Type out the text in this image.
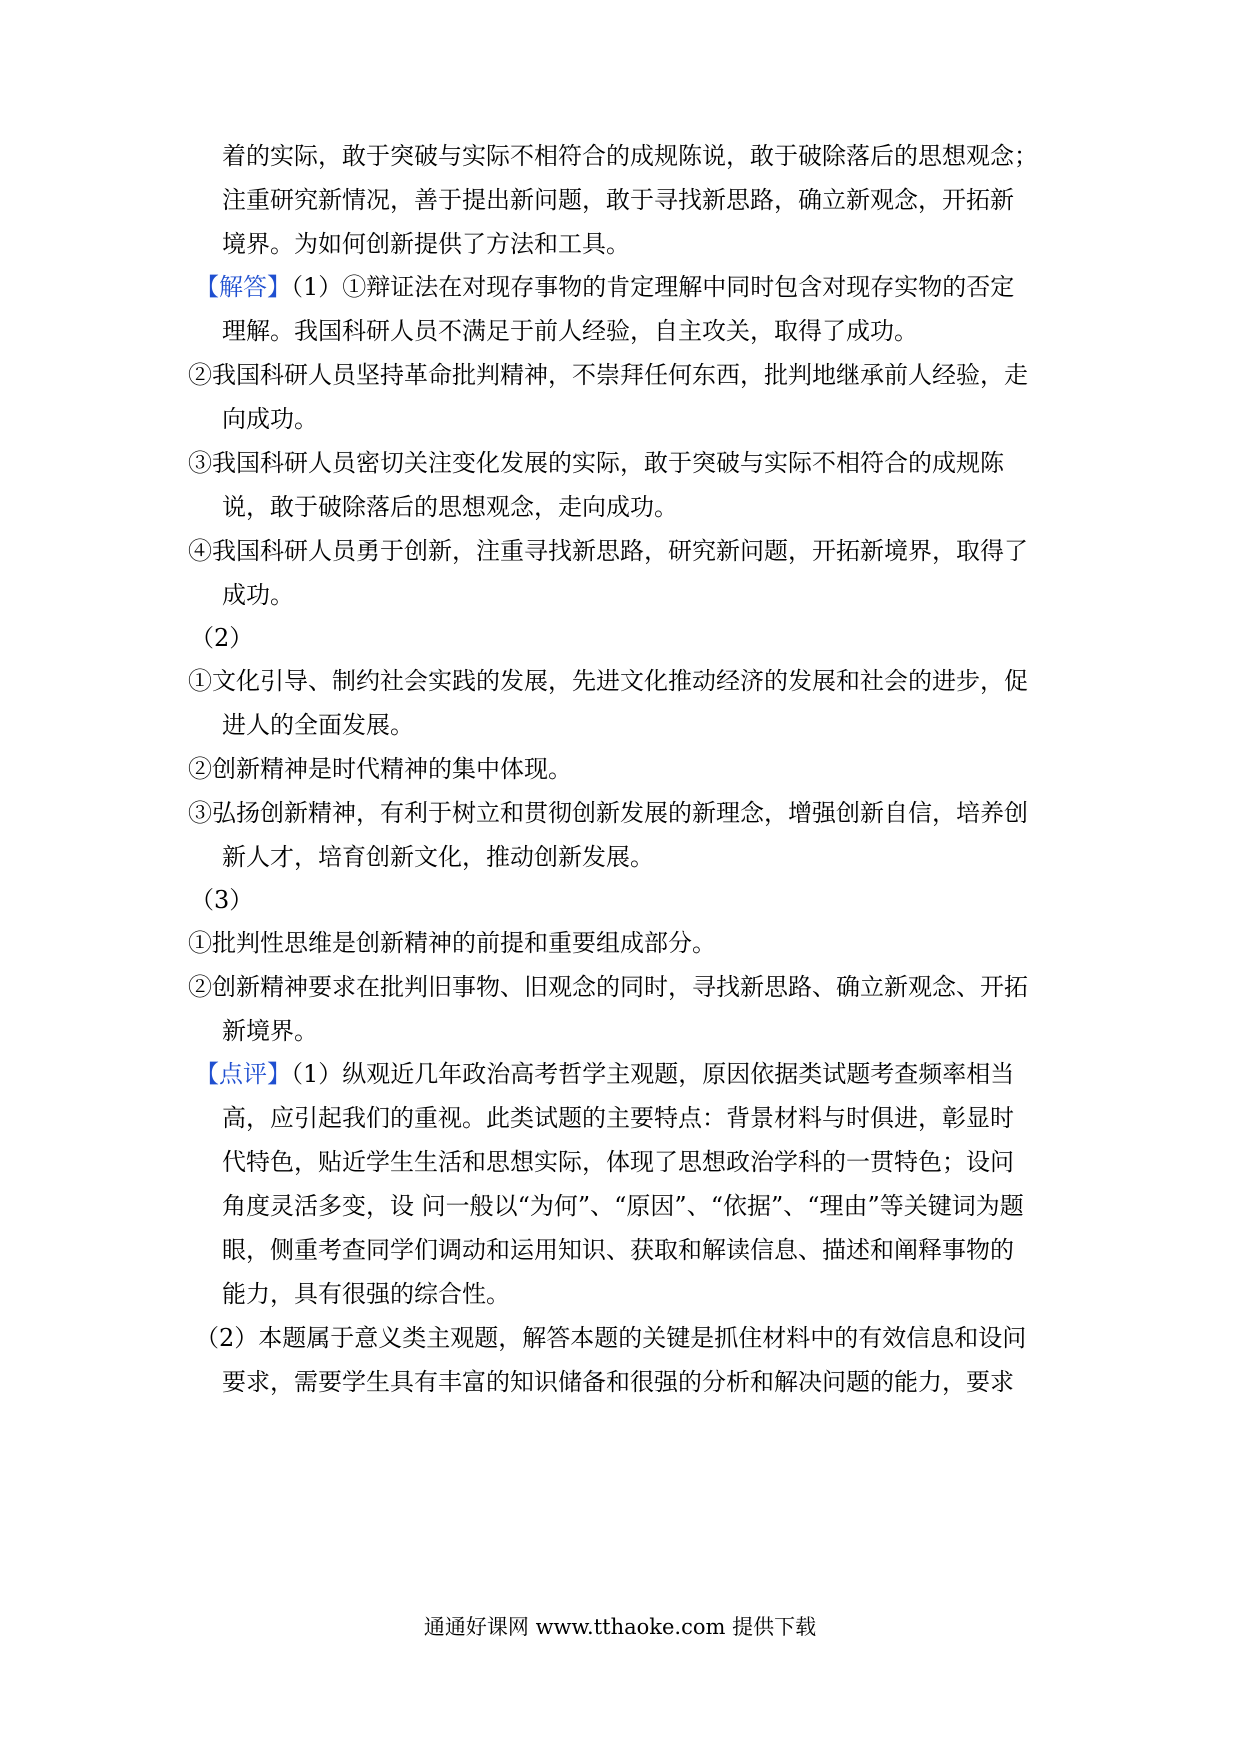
着的实际，敢于突破与实际不相符合的成规陈说，敢于破除落后的思想观念；

注重研究新情况，善于提出新问题，敢于寻找新思路，确立新观念，开拓新

境界。为如何创新提供了方法和工具。

【解答】（1）①辩证法在对现存事物的肯定理解中同时包含对现存实物的否定

理解。我国科研人员不满足于前人经验，自主攻关，取得了成功。

②我国科研人员坚持革命批判精神，不崇拜任何东西，批判地继承前人经验，走

向成功。

③我国科研人员密切关注变化发展的实际，敢于突破与实际不相符合的成规陈

说，敢于破除落后的思想观念，走向成功。

④我国科研人员勇于创新，注重寻找新思路，研究新问题，开拓新境界，取得了

成功。

（2）

①文化引导、制约社会实践的发展，先进文化推动经济的发展和社会的进步，促

进人的全面发展。

②创新精神是时代精神的集中体现。

③弘扬创新精神，有利于树立和贯彻创新发展的新理念，增强创新自信，培养创

新人才，培育创新文化，推动创新发展。

（3）

①批判性思维是创新精神的前提和重要组成部分。

②创新精神要求在批判旧事物、旧观念的同时，寻找新思路、确立新观念、开拓

新境界。

【点评】（1）纵观近几年政治高考哲学主观题，原因依据类试题考查频率相当

高，应引起我们的重视。此类试题的主要特点：背景材料与时俱进，彰显时

代特色，贴近学生生活和思想实际，体现了思想政治学科的一贯特色；设问

角度灵活多变，设 问一般以“为何”、“原因”、“依据”、“理由”等关键词为题

眼，侧重考查同学们调动和运用知识、获取和解读信息、描述和阐释事物的

能力，具有很强的综合性。

（2）本题属于意义类主观题，解答本题的关键是抓住材料中的有效信息和设问

要求，需要学生具有丰富的知识储备和很强的分析和解决问题的能力，要求

通通好课网 www.tthaoke.com 提供下载
